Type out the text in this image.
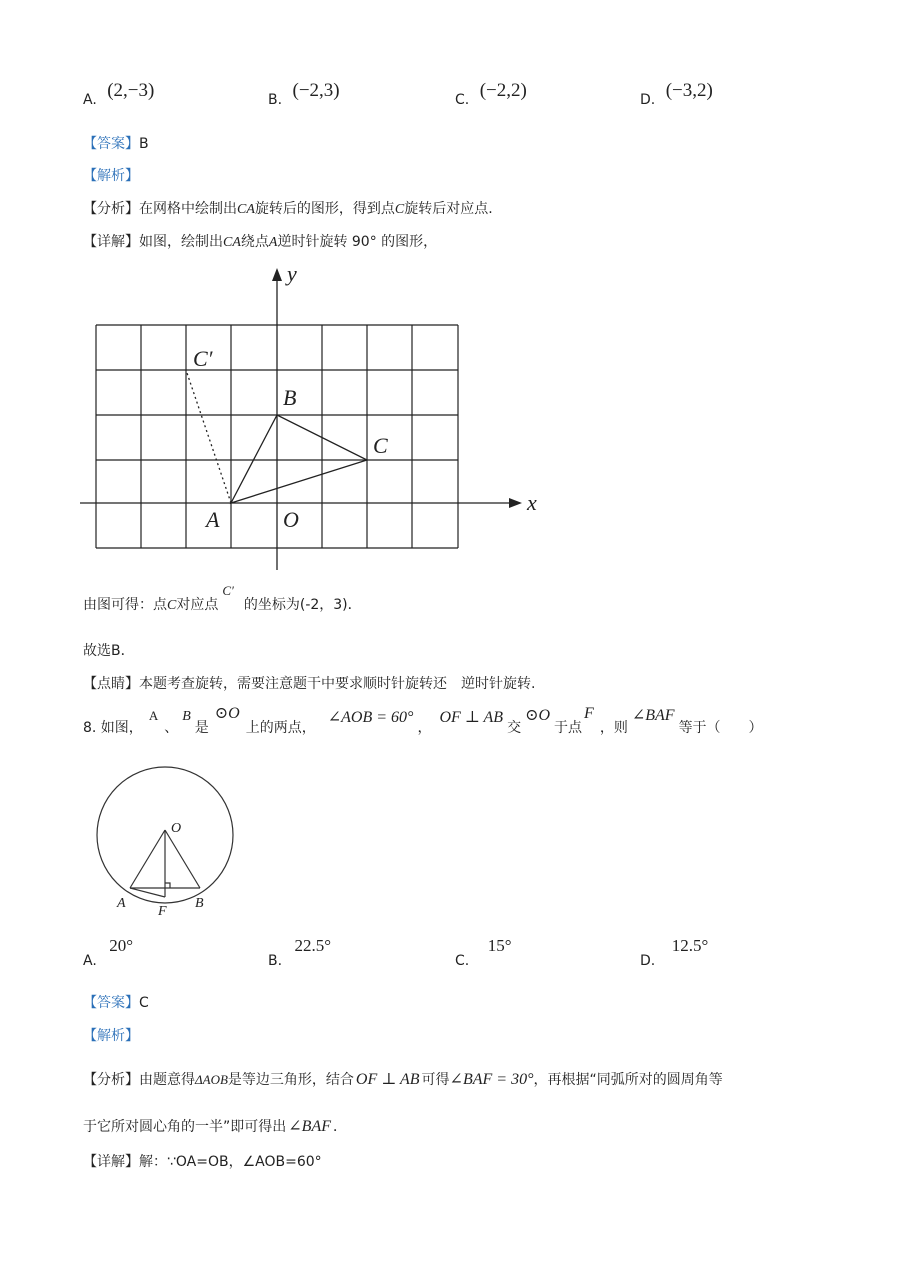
A. (2,−3)	B. (−2,3)	C. (−2,2)	D. (−3,2)
【答案】B
【解析】
【分析】在网格中绘制出CA旋转后的图形，得到点C旋转后对应点.
【详解】如图，绘制出CA绕点A逆时针旋转 90° 的图形，
x
y
A
B
C
C′
O
由图可得：点C对应点C′的坐标为(-2，3)．
故选B．
【点睛】本题考查旋转，需要注意题干中要求顺时针旋转还　逆时针旋转.
8. 如图，A、B是⊙O上的两点，∠AOB = 60°，OF ⊥ AB交⊙O于点F，则∠BAF等于（　　）
O
A
F
B
A. 20°
B. 22.5°
C. 15°
D. 12.5°
【答案】C
【解析】
【分析】由题意得ΔAOB是等边三角形，结合 OF ⊥ AB 可得∠BAF = 30°，再根据“同弧所对的圆周角等
于它所对圆心角的一半”即可得出 ∠BAF ．
【详解】解：∵OA=OB，∠AOB=60°
